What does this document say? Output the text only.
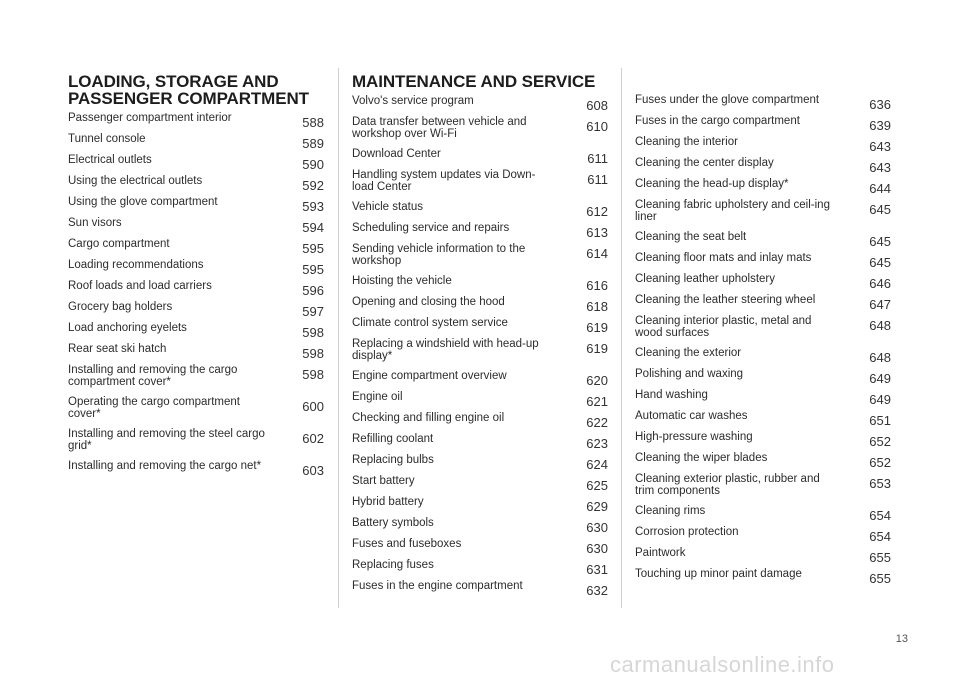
LOADING, STORAGE AND
PASSENGER COMPARTMENT
Passenger compartment interior	588
Tunnel console	589
Electrical outlets	590
Using the electrical outlets	592
Using the glove compartment	593
Sun visors	594
Cargo compartment	595
Loading recommendations	595
Roof loads and load carriers	596
Grocery bag holders	597
Load anchoring eyelets	598
Rear seat ski hatch	598
Installing and removing the cargo compartment cover*	598
Operating the cargo compartment cover*	600
Installing and removing the steel cargo grid*	602
Installing and removing the cargo net*	603
MAINTENANCE AND SERVICE
Volvo's service program	608
Data transfer between vehicle and workshop over Wi-Fi	610
Download Center	611
Handling system updates via Down-load Center	611
Vehicle status	612
Scheduling service and repairs	613
Sending vehicle information to the workshop	614
Hoisting the vehicle	616
Opening and closing the hood	618
Climate control system service	619
Replacing a windshield with head-up display*	619
Engine compartment overview	620
Engine oil	621
Checking and filling engine oil	622
Refilling coolant	623
Replacing bulbs	624
Start battery	625
Hybrid battery	629
Battery symbols	630
Fuses and fuseboxes	630
Replacing fuses	631
Fuses in the engine compartment	632
Fuses under the glove compartment	636
Fuses in the cargo compartment	639
Cleaning the interior	643
Cleaning the center display	643
Cleaning the head-up display*	644
Cleaning fabric upholstery and ceil-ing liner	645
Cleaning the seat belt	645
Cleaning floor mats and inlay mats	645
Cleaning leather upholstery	646
Cleaning the leather steering wheel	647
Cleaning interior plastic, metal and wood surfaces	648
Cleaning the exterior	648
Polishing and waxing	649
Hand washing	649
Automatic car washes	651
High-pressure washing	652
Cleaning the wiper blades	652
Cleaning exterior plastic, rubber and trim components	653
Cleaning rims	654
Corrosion protection	654
Paintwork	655
Touching up minor paint damage	655
13
carmanualsonline.info
